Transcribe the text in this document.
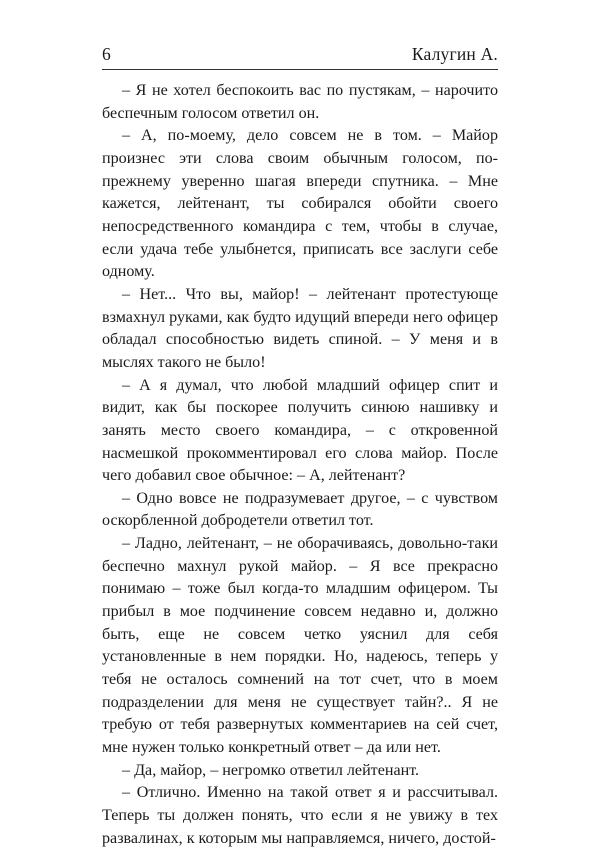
6	Калугин А.

– Я не хотел беспокоить вас по пустякам, – нарочито беспечным голосом ответил он.

– А, по-моему, дело совсем не в том. – Майор произнес эти слова своим обычным голосом, по-прежнему уверенно шагая впереди спутника. – Мне кажется, лейтенант, ты собирался обойти своего непосредственного командира с тем, чтобы в случае, если удача тебе улыбнется, приписать все заслуги себе одному.

– Нет... Что вы, майор! – лейтенант протестующе взмахнул руками, как будто идущий впереди него офицер обладал способностью видеть спиной. – У меня и в мыслях такого не было!

– А я думал, что любой младший офицер спит и видит, как бы поскорее получить синюю нашивку и занять место своего командира, – с откровенной насмешкой прокомментировал его слова майор. После чего добавил свое обычное: – А, лейтенант?

– Одно вовсе не подразумевает другое, – с чувством оскорбленной добродетели ответил тот.

– Ладно, лейтенант, – не оборачиваясь, довольно-таки беспечно махнул рукой майор. – Я все прекрасно понимаю – тоже был когда-то младшим офицером. Ты прибыл в мое подчинение совсем недавно и, должно быть, еще не совсем четко уяснил для себя установленные в нем порядки. Но, надеюсь, теперь у тебя не осталось сомнений на тот счет, что в моем подразделении для меня не существует тайн?.. Я не требую от тебя развернутых комментариев на сей счет, мне нужен только конкретный ответ – да или нет.

– Да, майор, – негромко ответил лейтенант.

– Отлично. Именно на такой ответ я и рассчитывал. Теперь ты должен понять, что если я не увижу в тех развалинах, к которым мы направляемся, ничего, достой-
